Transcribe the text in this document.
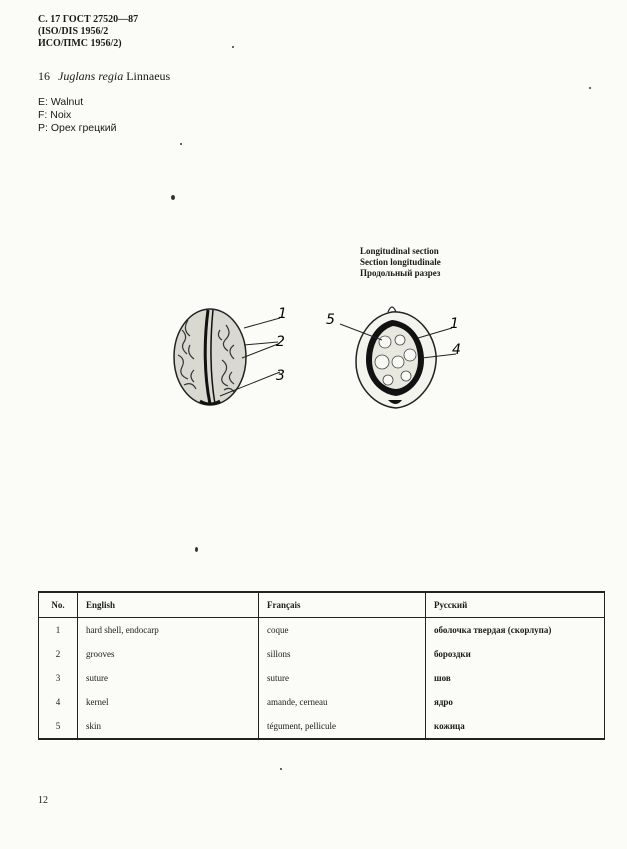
С. 17 ГОСТ 27520—87
(ISO/DIS 1956/2
ИСО/ПМС 1956/2)
16 Juglans regia Linnaeus
E: Walnut
F: Noix
P: Орех грецкий
Longitudinal section
Section longitudinale
Продольный разрез
1
2
3
5	1
4
No.	English	Français	Русский
1	hard shell, endocarp	coque	оболочка твердая (скорлупа)
2	grooves	sillons	бороздки
3	suture	suture	шов
4	kernel	amande, cerneau	ядро
5	skin	tégument, pellicule	кожица
12
